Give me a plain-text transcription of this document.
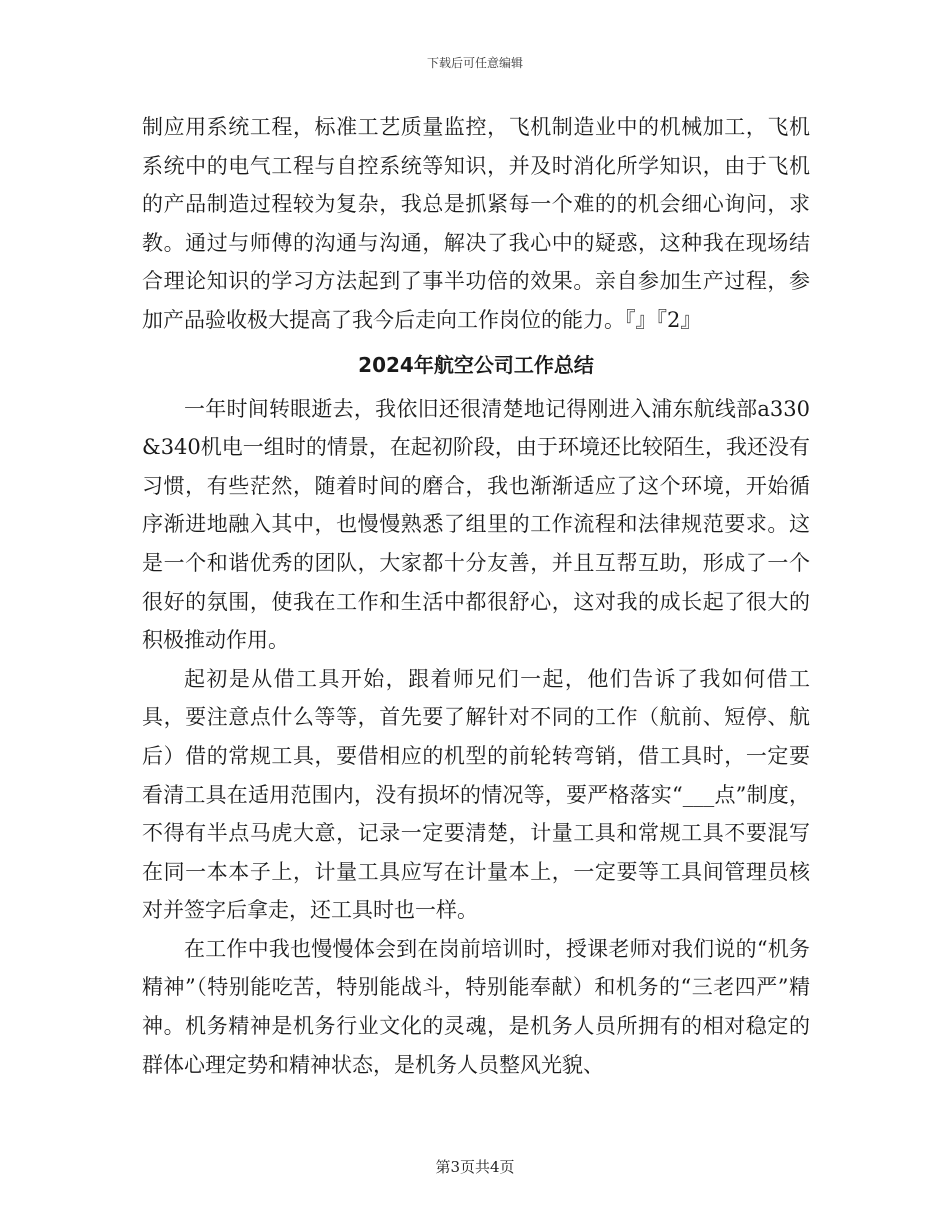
下载后可任意编辑

制应用系统工程，标准工艺质量监控，飞机制造业中的机械加工，飞机系统中的电气工程与自控系统等知识，并及时消化所学知识，由于飞机的产品制造过程较为复杂，我总是抓紧每一个难的的机会细心询问，求教。通过与师傅的沟通与沟通，解决了我心中的疑惑，这种我在现场结合理论知识的学习方法起到了事半功倍的效果。亲自参加生产过程，参加产品验收极大提高了我今后走向工作岗位的能力。『』『2』

2024年航空公司工作总结

一年时间转眼逝去，我依旧还很清楚地记得刚进入浦东航线部a330&340机电一组时的情景，在起初阶段，由于环境还比较陌生，我还没有习惯，有些茫然，随着时间的磨合，我也渐渐适应了这个环境，开始循序渐进地融入其中，也慢慢熟悉了组里的工作流程和法律规范要求。这是一个和谐优秀的团队，大家都十分友善，并且互帮互助，形成了一个很好的氛围，使我在工作和生活中都很舒心，这对我的成长起了很大的积极推动作用。

起初是从借工具开始，跟着师兄们一起，他们告诉了我如何借工具，要注意点什么等等，首先要了解针对不同的工作（航前、短停、航后）借的常规工具，要借相应的机型的前轮转弯销，借工具时，一定要看清工具在适用范围内，没有损坏的情况等，要严格落实“___点”制度，不得有半点马虎大意，记录一定要清楚，计量工具和常规工具不要混写在同一本本子上，计量工具应写在计量本上，一定要等工具间管理员核对并签字后拿走，还工具时也一样。

在工作中我也慢慢体会到在岗前培训时，授课老师对我们说的“机务精神”（特别能吃苦，特别能战斗，特别能奉献）和机务的“三老四严”精神。机务精神是机务行业文化的灵魂，是机务人员所拥有的相对稳定的群体心理定势和精神状态，是机务人员整风光貌、

第3页共4页
